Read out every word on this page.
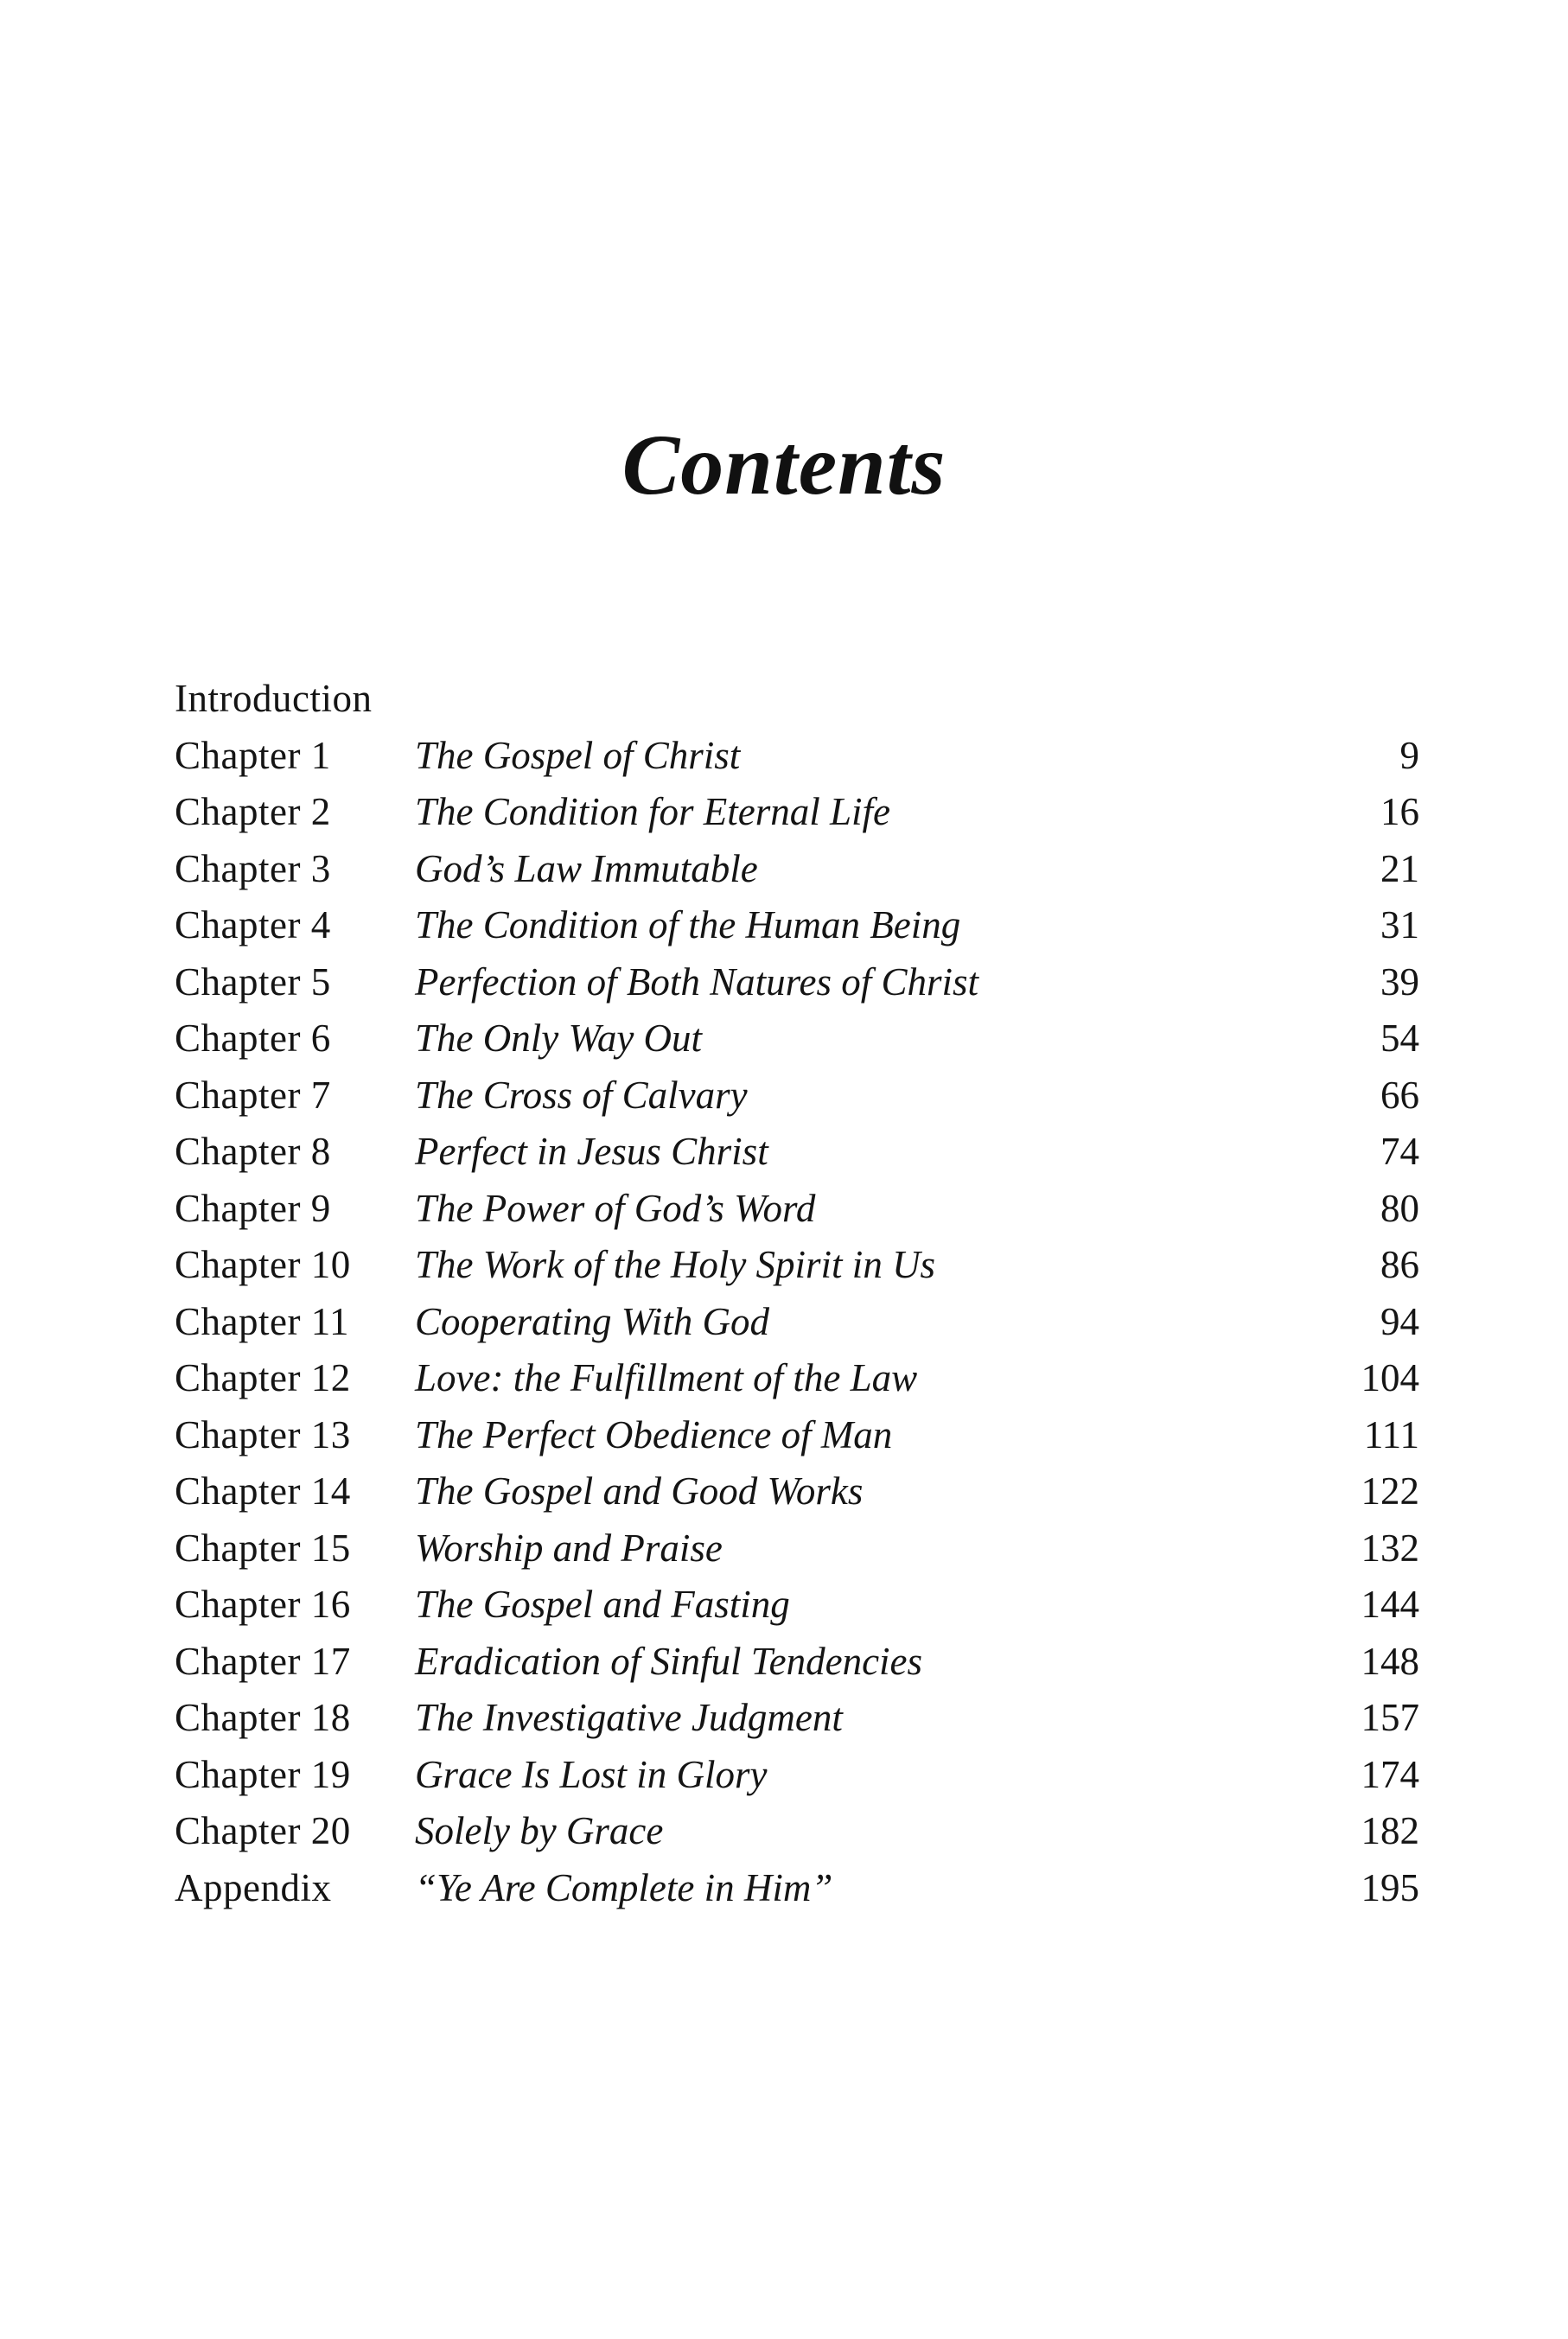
Contents
Introduction
Chapter 1 The Gospel of Christ	9
Chapter 2 The Condition for Eternal Life	16
Chapter 3 God’s Law Immutable	21
Chapter 4 The Condition of the Human Being	31
Chapter 5 Perfection of Both Natures of Christ	39
Chapter 6 The Only Way Out	54
Chapter 7 The Cross of Calvary	66
Chapter 8 Perfect in Jesus Christ	74
Chapter 9 The Power of God’s Word	80
Chapter 10 The Work of the Holy Spirit in Us	86
Chapter 11 Cooperating With God	94
Chapter 12 Love: the Fulfillment of the Law	104
Chapter 13 The Perfect Obedience of Man	111
Chapter 14 The Gospel and Good Works	122
Chapter 15 Worship and Praise	132
Chapter 16 The Gospel and Fasting	144
Chapter 17 Eradication of Sinful Tendencies	148
Chapter 18 The Investigative Judgment	157
Chapter 19 Grace Is Lost in Glory	174
Chapter 20 Solely by Grace	182
Appendix “Ye Are Complete in Him”	195
